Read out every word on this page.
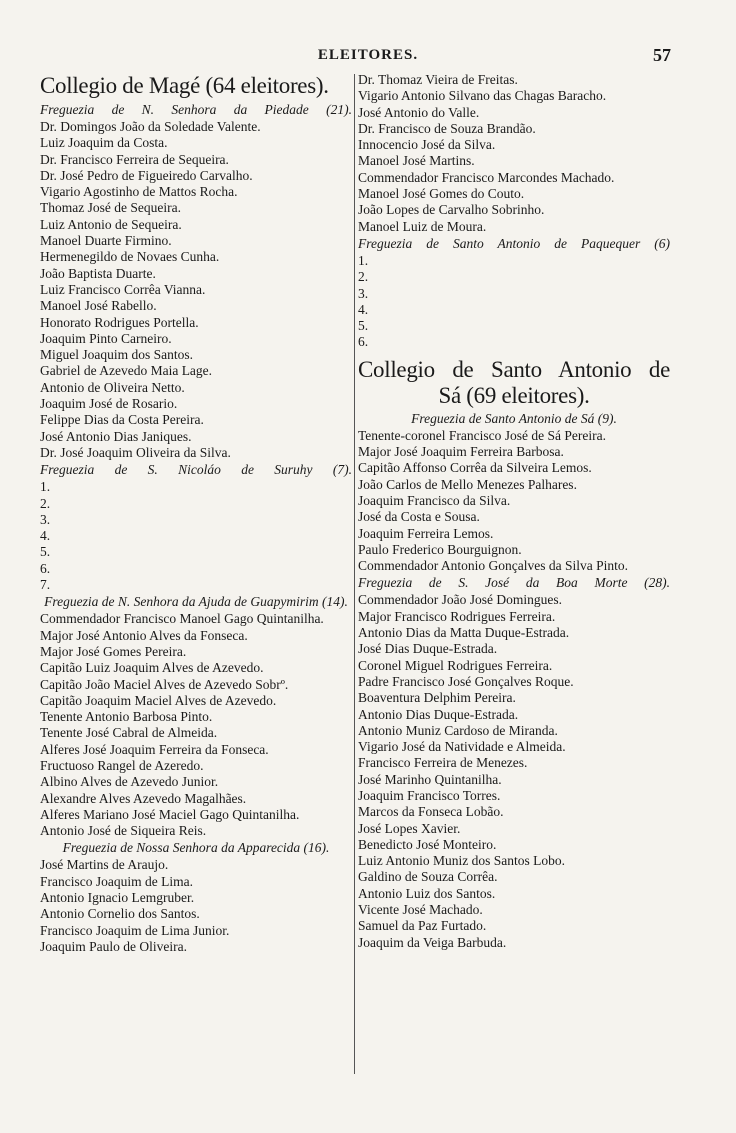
ELEITORES.	57
Collegio de Magé (64 eleitores).
Freguezia de N. Senhora da Piedade (21).
Dr. Domingos João da Soledade Valente.
Luiz Joaquim da Costa.
Dr. Francisco Ferreira de Sequeira.
Dr. José Pedro de Figueiredo Carvalho.
Vigario Agostinho de Mattos Rocha.
Thomaz José de Sequeira.
Luiz Antonio de Sequeira.
Manoel Duarte Firmino.
Hermenegildo de Novaes Cunha.
João Baptista Duarte.
Luiz Francisco Corrêa Vianna.
Manoel José Rabello.
Honorato Rodrigues Portella.
Joaquim Pinto Carneiro.
Miguel Joaquim dos Santos.
Gabriel de Azevedo Maia Lage.
Antonio de Oliveira Netto.
Joaquim José de Rosario.
Felippe Dias da Costa Pereira.
José Antonio Dias Janiques.
Dr. José Joaquim Oliveira da Silva.
Freguezia de S. Nicoláo de Suruhy (7).
1.
2.
3.
4.
5.
6.
7.
Freguezia de N. Senhora da Ajuda de Guapymirim (14).
Commendador Francisco Manoel Gago Quintanilha.
Major José Antonio Alves da Fonseca.
Major José Gomes Pereira.
Capitão Luiz Joaquim Alves de Azevedo.
Capitão João Maciel Alves de Azevedo Sobrº.
Capitão Joaquim Maciel Alves de Azevedo.
Tenente Antonio Barbosa Pinto.
Tenente José Cabral de Almeida.
Alferes José Joaquim Ferreira da Fonseca.
Fructuoso Rangel de Azeredo.
Albino Alves de Azevedo Junior.
Alexandre Alves Azevedo Magalhães.
Alferes Mariano José Maciel Gago Quintanilha.
Antonio José de Siqueira Reis.
Freguezia de Nossa Senhora da Apparecida (16).
José Martins de Araujo.
Francisco Joaquim de Lima.
Antonio Ignacio Lemgruber.
Antonio Cornelio dos Santos.
Francisco Joaquim de Lima Junior.
Joaquim Paulo de Oliveira.
Dr. Thomaz Vieira de Freitas.
Vigario Antonio Silvano das Chagas Baracho.
José Antonio do Valle.
Dr. Francisco de Souza Brandão.
Innocencio José da Silva.
Manoel José Martins.
Commendador Francisco Marcondes Machado.
Manoel José Gomes do Couto.
João Lopes de Carvalho Sobrinho.
Manoel Luiz de Moura.
Freguezia de Santo Antonio de Paquequer (6)
1.
2.
3.
4.
5.
6.
Collegio de Santo Antonio de
Sá (69 eleitores).
Freguezia de Santo Antonio de Sá (9).
Tenente-coronel Francisco José de Sá Pereira.
Major José Joaquim Ferreira Barbosa.
Capitão Affonso Corrêa da Silveira Lemos.
João Carlos de Mello Menezes Palhares.
Joaquim Francisco da Silva.
José da Costa e Sousa.
Joaquim Ferreira Lemos.
Paulo Frederico Bourguignon.
Commendador Antonio Gonçalves da Silva Pinto.
Freguezia de S. José da Boa Morte (28).
Commendador João José Domingues.
Major Francisco Rodrigues Ferreira.
Antonio Dias da Matta Duque-Estrada.
José Dias Duque-Estrada.
Coronel Miguel Rodrigues Ferreira.
Padre Francisco José Gonçalves Roque.
Boaventura Delphim Pereira.
Antonio Dias Duque-Estrada.
Antonio Muniz Cardoso de Miranda.
Vigario José da Natividade e Almeida.
Francisco Ferreira de Menezes.
José Marinho Quintanilha.
Joaquim Francisco Torres.
Marcos da Fonseca Lobão.
José Lopes Xavier.
Benedicto José Monteiro.
Luiz Antonio Muniz dos Santos Lobo.
Galdino de Souza Corrêa.
Antonio Luiz dos Santos.
Vicente José Machado.
Samuel da Paz Furtado.
Joaquim da Veiga Barbuda.
